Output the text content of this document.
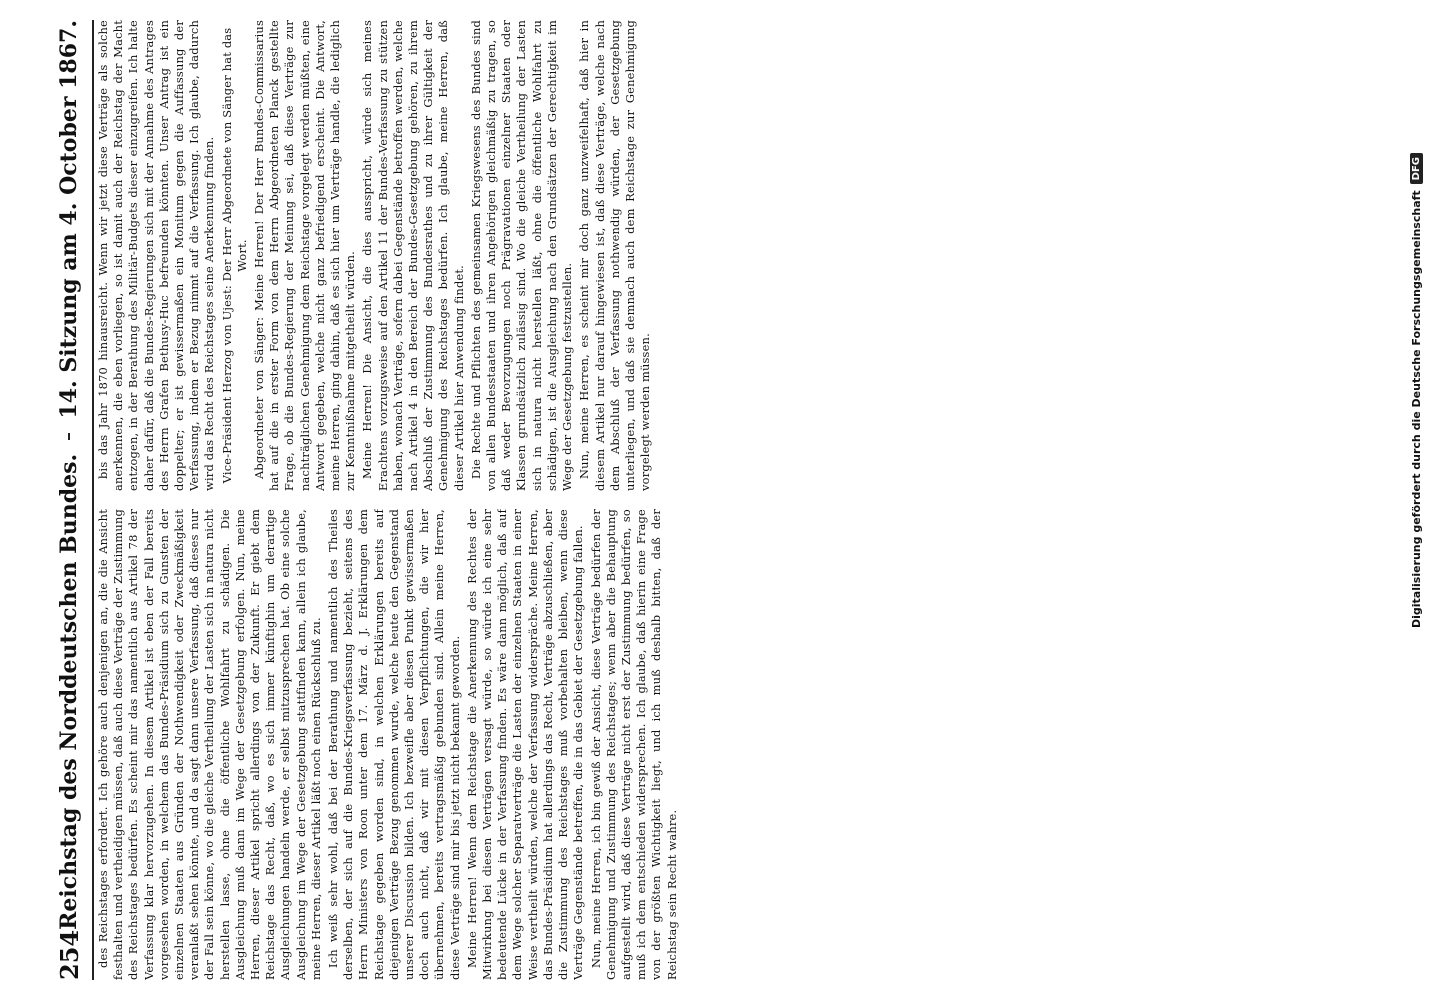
254
Reichstag des Norddeutschen Bundes.
14. Sitzung am 4. October 1867.

des Reichstages erfordert. Ich gehöre auch denjenigen an, die die Ansicht festhalten und vertheidigen müssen, daß auch diese Verträge der Zustimmung des Reichstages bedürfen. Es scheint mir das namentlich aus Artikel 78 der Verfassung klar hervorzugehen. In diesem Artikel ist eben der Fall bereits vorgesehen worden, in welchem das Bundes-Präsidium sich zu Gunsten der einzelnen Staaten aus Gründen der Nothwendigkeit oder Zweckmäßigkeit veranlaßt sehen könnte, und da sagt dann unsere Verfassung, daß dieses nur der Fall sein könne, wo die gleiche Vertheilung der Lasten sich in natura nicht herstellen lasse, ohne die öffentliche Wohlfahrt zu schädigen. Die Ausgleichung muß dann im Wege der Gesetzgebung erfolgen. Nun, meine Herren, dieser Artikel spricht allerdings von der Zukunft. Er giebt dem Reichstage das Recht, daß, wo es sich immer künftighin um derartige Ausgleichungen handeln werde, er selbst mitzusprechen hat. Ob eine solche Ausgleichung im Wege der Gesetzgebung stattfinden kann, allein ich glaube, meine Herren, dieser Artikel läßt noch einen Rückschluß zu. Ich weiß sehr wohl, daß bei der Berathung und namentlich des Theiles derselben, der sich auf die Bundes-Kriegsverfassung bezieht, seitens des Herrn Ministers von Roon unter dem 17. März d. J. Erklärungen dem Reichstage gegeben worden sind, in welchen Erklärungen bereits auf diejenigen Verträge Bezug genommen wurde, welche heute den Gegenstand unserer Discussion bilden. Ich bezweifle aber diesen Punkt gewissermaßen doch auch nicht, daß wir mit diesen Verpflichtungen, die wir hier übernehmen, bereits vertragsmäßig gebunden sind. Allein meine Herren, diese Verträge sind mir bis jetzt nicht bekannt geworden. Meine Herren! Wenn dem Reichstage die Anerkennung des Rechtes der Mitwirkung bei diesen Verträgen versagt würde, so würde ich eine sehr bedeutende Lücke in der Verfassung finden. Es wäre dann möglich, daß auf dem Wege solcher Separatverträge die Lasten der einzelnen Staaten in einer Weise vertheilt würden, welche der Verfassung widerspräche. Meine Herren, das Bundes-Präsidium hat allerdings das Recht, Verträge abzuschließen, aber die Zustimmung des Reichstages muß vorbehalten bleiben, wenn diese Verträge Gegenstände betreffen, die in das Gebiet der Gesetzgebung fallen. Nun, meine Herren, ich bin gewiß der Ansicht, diese Verträge bedürfen der Genehmigung und Zustimmung des Reichstages; wenn aber die Behauptung aufgestellt wird, daß diese Verträge nicht erst der Zustimmung bedürfen, so muß ich dem entschieden widersprechen. Ich glaube, daß hierin eine Frage von der größten Wichtigkeit liegt, und ich muß deshalb bitten, daß der Reichstag sein Recht wahre.

bis das Jahr 1870 hinausreicht. Wenn wir jetzt diese Verträge als solche anerkennen, die eben vorliegen, so ist damit auch der Reichstag der Macht entzogen, in der Berathung des Militär-Budgets dieser einzugreifen. Ich halte daher dafür, daß die Bundes-Regierungen sich mit der Annahme des Antrages des Herrn Grafen Bethusy-Huc befreunden könnten. Unser Antrag ist ein doppelter; er ist gewissermaßen ein Monitum gegen die Auffassung der Verfassung, indem er Bezug nimmt auf die Verfassung. Ich glaube, dadurch wird das Recht des Reichstages seine Anerkennung finden. Vice-Präsident Herzog von Ujest: Der Herr Abgeordnete von Sänger hat das Wort. Abgeordneter von Sänger: Meine Herren! Der Herr Bundes-Commissarius hat auf die in erster Form von dem Herrn Abgeordneten Planck gestellte Frage, ob die Bundes-Regierung der Meinung sei, daß diese Verträge zur nachträglichen Genehmigung dem Reichstage vorgelegt werden müßten, eine Antwort gegeben, welche nicht ganz befriedigend erscheint. Die Antwort, meine Herren, ging dahin, daß es sich hier um Verträge handle, die lediglich zur Kenntnißnahme mitgetheilt würden. Meine Herren! Die Ansicht, die dies ausspricht, würde sich meines Erachtens vorzugsweise auf den Artikel 11 der Bundes-Verfassung zu stützen haben, wonach Verträge, sofern dabei Gegenstände betroffen werden, welche nach Artikel 4 in den Bereich der Bundes-Gesetzgebung gehören, zu ihrem Abschluß der Zustimmung des Bundesrathes und zu ihrer Gültigkeit der Genehmigung des Reichstages bedürfen. Ich glaube, meine Herren, daß dieser Artikel hier Anwendung findet. Die Rechte und Pflichten des gemeinsamen Kriegswesens des Bundes sind von allen Bundesstaaten und ihren Angehörigen gleichmäßig zu tragen, so daß weder Bevorzugungen noch Prägravationen einzelner Staaten oder Klassen grundsätzlich zulässig sind. Wo die gleiche Vertheilung der Lasten sich in natura nicht herstellen läßt, ohne die öffentliche Wohlfahrt zu schädigen, ist die Ausgleichung nach den Grundsätzen der Gerechtigkeit im Wege der Gesetzgebung festzustellen. Nun, meine Herren, es scheint mir doch ganz unzweifelhaft, daß hier in diesem Artikel nur darauf hingewiesen ist, daß diese Verträge, welche nach dem Abschluß der Verfassung nothwendig würden, der Gesetzgebung unterliegen, und daß sie demnach auch dem Reichstage zur Genehmigung vorgelegt werden müssen.	Digitalisierung gefördert durch die Deutsche Forschungsgemeinschaft
DFG
